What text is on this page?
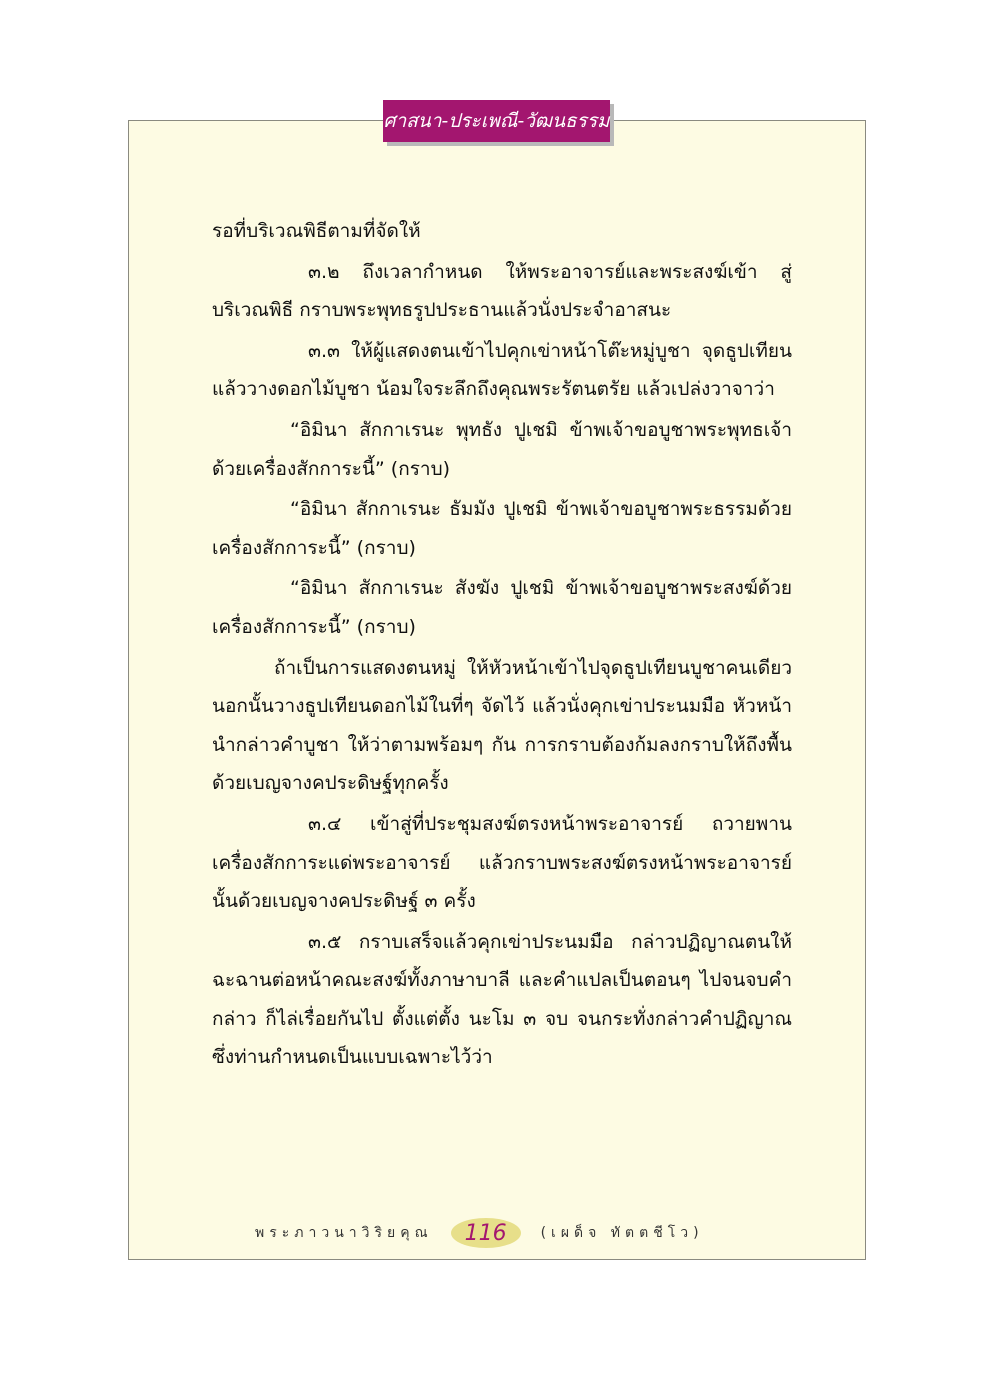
ศาสนา-ประเพณี-วัฒนธรรม

รอที่บริเวณพิธีตามที่จัดให้

๓.๒ ถึงเวลากำหนด ให้พระอาจารย์และพระสงฆ์เข้า สู่บริเวณพิธี กราบพระพุทธรูปประธานแล้วนั่งประจำอาสนะ

๓.๓ ให้ผู้แสดงตนเข้าไปคุกเข่าหน้าโต๊ะหมู่บูชา จุดธูปเทียนแล้ววางดอกไม้บูชา น้อมใจระลึกถึงคุณพระรัตนตรัย แล้วเปล่งวาจาว่า

“อิมินา สักกาเรนะ พุทธัง ปูเชมิ ข้าพเจ้าขอบูชาพระพุทธเจ้าด้วยเครื่องสักการะนี้” (กราบ)

“อิมินา สักกาเรนะ ธัมมัง ปูเชมิ ข้าพเจ้าขอบูชาพระธรรมด้วยเครื่องสักการะนี้” (กราบ)

“อิมินา สักกาเรนะ สังฆัง ปูเชมิ ข้าพเจ้าขอบูชาพระสงฆ์ด้วยเครื่องสักการะนี้” (กราบ)

ถ้าเป็นการแสดงตนหมู่ ให้หัวหน้าเข้าไปจุดธูปเทียนบูชาคนเดียว นอกนั้นวางธูปเทียนดอกไม้ในที่ๆ จัดไว้ แล้วนั่งคุกเข่าประนมมือ หัวหน้านำกล่าวคำบูชา ให้ว่าตามพร้อมๆ กัน การกราบต้องก้มลงกราบให้ถึงพื้นด้วยเบญจางคประดิษฐ์ทุกครั้ง

๓.๔ เข้าสู่ที่ประชุมสงฆ์ตรงหน้าพระอาจารย์ ถวายพานเครื่องสักการะแด่พระอาจารย์ แล้วกราบพระสงฆ์ตรงหน้าพระอาจารย์นั้นด้วยเบญจางคประดิษฐ์ ๓ ครั้ง

๓.๕ กราบเสร็จแล้วคุกเข่าประนมมือ กล่าวปฏิญาณตนให้ฉะฉานต่อหน้าคณะสงฆ์ทั้งภาษาบาลี และคำแปลเป็นตอนๆ ไปจนจบคำกล่าว ก็ไล่เรื่อยกันไป ตั้งแต่ตั้ง นะโม ๓ จบ จนกระทั่งกล่าวคำปฏิญาณ ซึ่งท่านกำหนดเป็นแบบเฉพาะไว้ว่า

พระภาวนาวิริยคุณ	116	(เผด็จ ทัตตชีโว)
